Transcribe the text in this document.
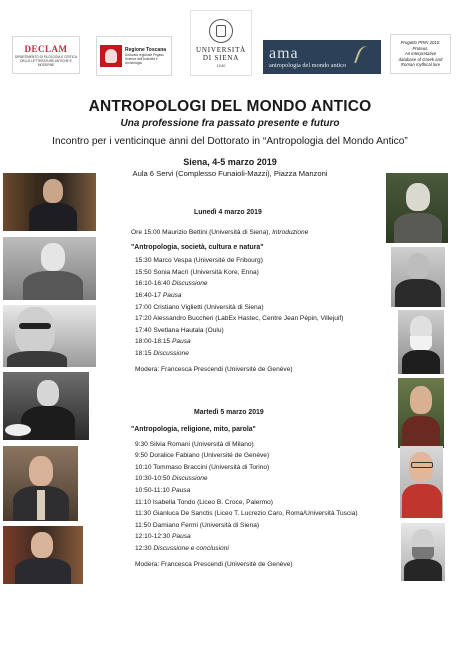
DECLAM
DIPARTIMENTO DI FILOLOGIA E CRITICA DELLE LETTERATURE ANTICHE E MODERNE
Regione Toscana
Dottorato regionale Pegaso Scienze dell'Antichità e Archeologia
UNIVERSITÀ
DI SIENA
1240
ama
antropologia del mondo antico
Progetto PRIN 2015:
Proteus.
An interpretative
database of Greek and
Roman mythical lore
ANTROPOLOGI DEL MONDO ANTICO
Una professione fra passato presente e futuro
Incontro per i venticinque anni del Dottorato in “Antropologia del Mondo Antico”
Siena, 4-5 marzo 2019
Aula 6 Servi (Complesso Funaioli-Mazzi), Piazza Manzoni
Lunedì 4 marzo 2019
Ore 15:00 Maurizio Bettini (Università di Siena), Introduzione
"Antropologia, società, cultura e natura"
15:30 Marco Vespa (Université de Fribourg)
15:50 Sonia Macrì (Università Kore, Enna)
16:10-16:40 Discussione
16:40-17 Pausa
17:00 Cristiano Viglietti (Università di Siena)
17:20 Alessandro Buccheri (LabEx Hastec, Centre Jean Pépin, Villejuif)
17:40 Svetlana Hautala (Oulu)
18:00-18:15 Pausa
18:15 Discussione
Modera: Francesca Prescendi (Université de Genève)
Martedì 5 marzo 2019
"Antropologia, religione, mito, parola"
9:30 Silvia Romani (Università di Milano)
9:50 Doralice Fabiano (Université de Genève)
10:10 Tommaso Braccini (Università di Torino)
10:30-10:50 Discussione
10:50-11:10 Pausa
11:10 Isabella Tondo (Liceo B. Croce, Palermo)
11:30 Gianluca De Sanctis (Liceo T. Lucrezio Caro, Roma/Università Tuscia)
11:50 Damiano Fermi (Università di Siena)
12:10-12:30 Pausa
12:30 Discussione e conclusioni
Modera: Francesca Prescendi (Université de Genève)
